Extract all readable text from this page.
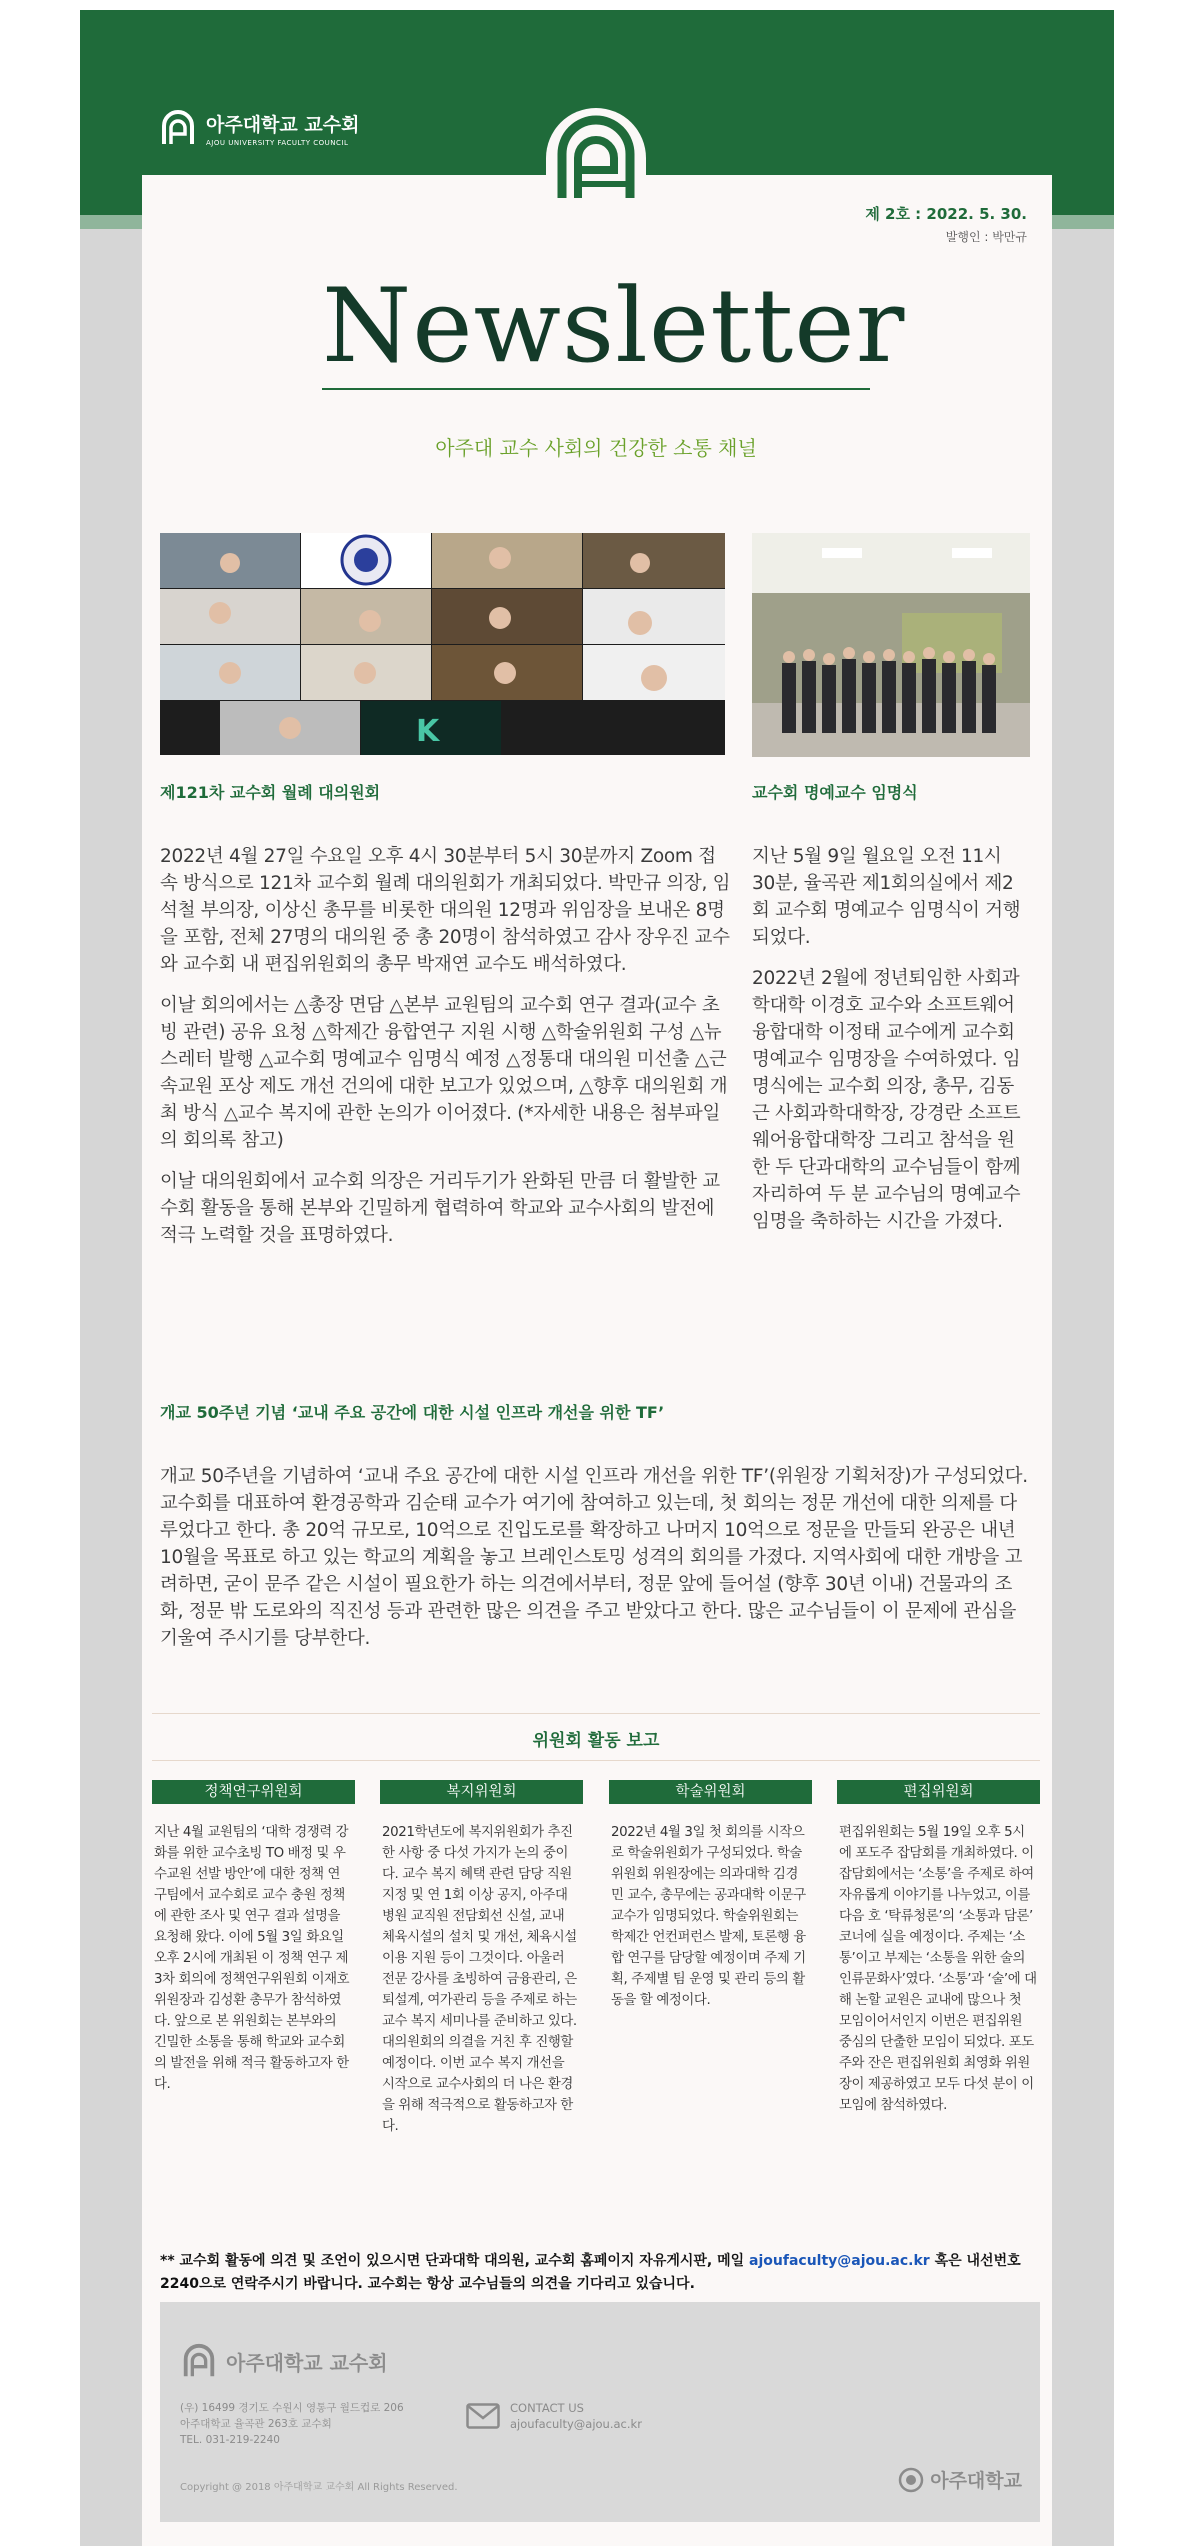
아주대학교 교수회
AJOU UNIVERSITY FACULTY COUNCIL
제 2호 : 2022. 5. 30.
발행인 : 박만규
Newsletter
아주대 교수 사회의 건강한 소통 채널
K
제121차 교수회 월례 대의원회

2022년 4월 27일 수요일 오후 4시 30분부터 5시 30분까지 Zoom 접속 방식으로 121차 교수회 월례 대의원회가 개최되었다. 박만규 의장, 임석철 부의장, 이상신 총무를 비롯한 대의원 12명과 위임장을 보내온 8명을 포함, 전체 27명의 대의원 중 총 20명이 참석하였고 감사 장우진 교수와 교수회 내 편집위원회의 총무 박재연 교수도 배석하였다.

이날 회의에서는 △총장 면담 △본부 교원팀의 교수회 연구 결과(교수 초빙 관련) 공유 요청 △학제간 융합연구 지원 시행 △학술위원회 구성 △뉴스레터 발행 △교수회 명예교수 임명식 예정 △정통대 대의원 미선출 △근속교원 포상 제도 개선 건의에 대한 보고가 있었으며, △향후 대의원회 개최 방식 △교수 복지에 관한 논의가 이어졌다. (*자세한 내용은 첨부파일의 회의록 참고)

이날 대의원회에서 교수회 의장은 거리두기가 완화된 만큼 더 활발한 교수회 활동을 통해 본부와 긴밀하게 협력하여 학교와 교수사회의 발전에 적극 노력할 것을 표명하였다.

교수회 명예교수 임명식

지난 5월 9일 월요일 오전 11시 30분, 율곡관 제1회의실에서 제2회 교수회 명예교수 임명식이 거행되었다.

2022년 2월에 정년퇴임한 사회과학대학 이경호 교수와 소프트웨어융합대학 이정태 교수에게 교수회 명예교수 임명장을 수여하였다. 임명식에는 교수회 의장, 총무, 김동근 사회과학대학장, 강경란 소프트웨어융합대학장 그리고 참석을 원한 두 단과대학의 교수님들이 함께 자리하여 두 분 교수님의 명예교수 임명을 축하하는 시간을 가졌다.

개교 50주년 기념 ‘교내 주요 공간에 대한 시설 인프라 개선을 위한 TF’

개교 50주년을 기념하여 ‘교내 주요 공간에 대한 시설 인프라 개선을 위한 TF’(위원장 기획처장)가 구성되었다. 교수회를 대표하여 환경공학과 김순태 교수가 여기에 참여하고 있는데, 첫 회의는 정문 개선에 대한 의제를 다루었다고 한다. 총 20억 규모로, 10억으로 진입도로를 확장하고 나머지 10억으로 정문을 만들되 완공은 내년 10월을 목표로 하고 있는 학교의 계획을 놓고 브레인스토밍 성격의 회의를 가졌다. 지역사회에 대한 개방을 고려하면, 굳이 문주 같은 시설이 필요한가 하는 의견에서부터, 정문 앞에 들어설 (향후 30년 이내) 건물과의 조화, 정문 밖 도로와의 직진성 등과 관련한 많은 의견을 주고 받았다고 한다. 많은 교수님들이 이 문제에 관심을 기울여 주시기를 당부한다.

위원회 활동 보고
정책연구위원회	복지위원회	학술위원회	편집위원회
지난 4월 교원팀의 ‘대학 경쟁력 강화를 위한 교수초빙 TO 배정 및 우수교원 선발 방안’에 대한 정책 연구팀에서 교수회로 교수 충원 정책에 관한 조사 및 연구 결과 설명을 요청해 왔다. 이에 5월 3일 화요일 오후 2시에 개최된 이 정책 연구 제3차 회의에 정책연구위원회 이재호 위원장과 김성환 총무가 참석하였다. 앞으로 본 위원회는 본부와의 긴밀한 소통을 통해 학교와 교수회의 발전을 위해 적극 활동하고자 한다.
2021학년도에 복지위원회가 추진한 사항 중 다섯 가지가 논의 중이다. 교수 복지 혜택 관련 담당 직원 지정 및 연 1회 이상 공지, 아주대 병원 교직원 전담회선 신설, 교내 체육시설의 설치 및 개선, 체육시설 이용 지원 등이 그것이다. 아울러 전문 강사를 초빙하여 금융관리, 은퇴설계, 여가관리 등을 주제로 하는 교수 복지 세미나를 준비하고 있다. 대의원회의 의결을 거친 후 진행할 예정이다. 이번 교수 복지 개선을 시작으로 교수사회의 더 나은 환경을 위해 적극적으로 활동하고자 한다.
2022년 4월 3일 첫 회의를 시작으로 학술위원회가 구성되었다. 학술위원회 위원장에는 의과대학 김경민 교수, 총무에는 공과대학 이문구 교수가 임명되었다. 학술위원회는 학제간 언컨퍼런스 발제, 토론행 융합 연구를 담당할 예정이며 주제 기획, 주제별 팀 운영 및 관리 등의 활동을 할 예정이다.
편집위원회는 5월 19일 오후 5시에 포도주 잡담회를 개최하였다. 이 잡담회에서는 ‘소통’을 주제로 하여 자유롭게 이야기를 나누었고, 이를 다음 호 ‘탁류청론’의 ‘소통과 담론’ 코너에 실을 예정이다. 주제는 ‘소통’이고 부제는 ‘소통을 위한 술의 인류문화사’였다. ‘소통’과 ‘술’에 대해 논할 교원은 교내에 많으나 첫 모임이어서인지 이번은 편집위원 중심의 단출한 모임이 되었다. 포도주와 잔은 편집위원회 최영화 위원장이 제공하였고 모두 다섯 분이 이 모임에 참석하였다.
** 교수회 활동에 의견 및 조언이 있으시면 단과대학 대의원, 교수회 홈페이지 자유게시판, 메일 ajoufaculty@ajou.ac.kr 혹은 내선번호 2240으로 연락주시기 바랍니다. 교수회는 항상 교수님들의 의견을 기다리고 있습니다.
아주대학교 교수회
(우) 16499 경기도 수원시 영통구 월드컵로 206
아주대학교 율곡관 263호 교수회
TEL. 031-219-2240
CONTACT US
ajoufaculty@ajou.ac.kr
Copyright @ 2018 아주대학교 교수회 All Rights Reserved.	아주대학교
